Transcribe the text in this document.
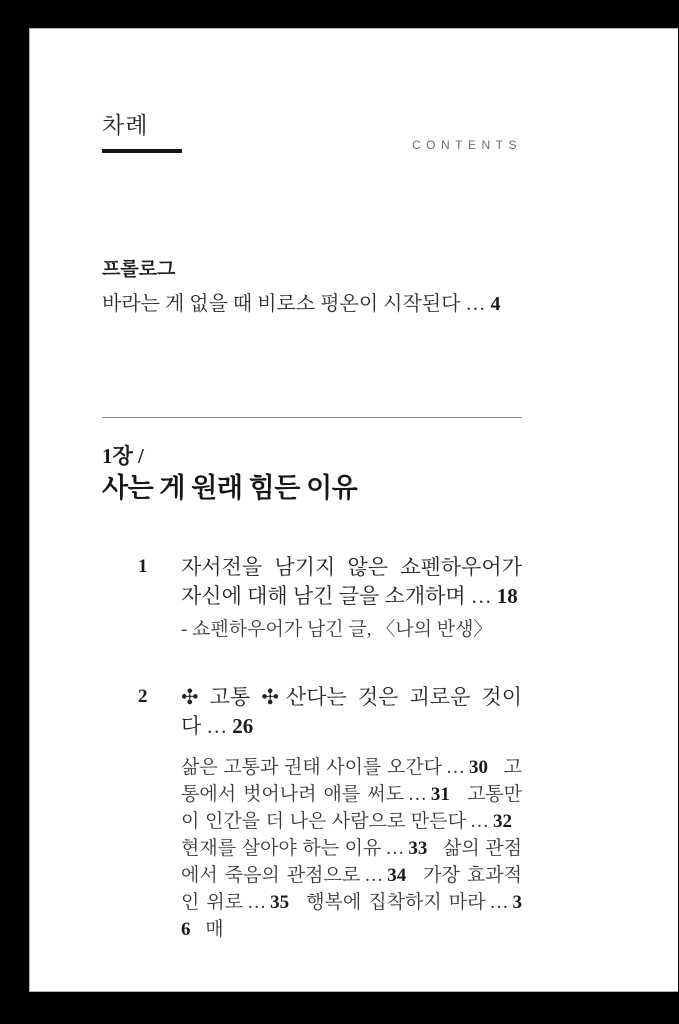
차례
CONTENTS
프롤로그
바라는 게 없을 때 비로소 평온이 시작된다 … 4
1장 /
사는 게 원래 힘든 이유
1	자서전을 남기지 않은 쇼펜하우어가 자신에 대해 남긴 글을 소개하며 … 18
- 쇼펜하우어가 남긴 글, 〈나의 반생〉
2	✣ 고통 ✣ 산다는 것은 괴로운 것이다 … 26
삶은 고통과 권태 사이를 오간다 … 30 고통에서 벗어나려 애를 써도 … 31 고통만이 인간을 더 나은 사람으로 만든다 … 32 현재를 살아야 하는 이유 … 33 삶의 관점에서 죽음의 관점으로 … 34 가장 효과적인 위로 … 35 행복에 집착하지 마라 … 36 매
